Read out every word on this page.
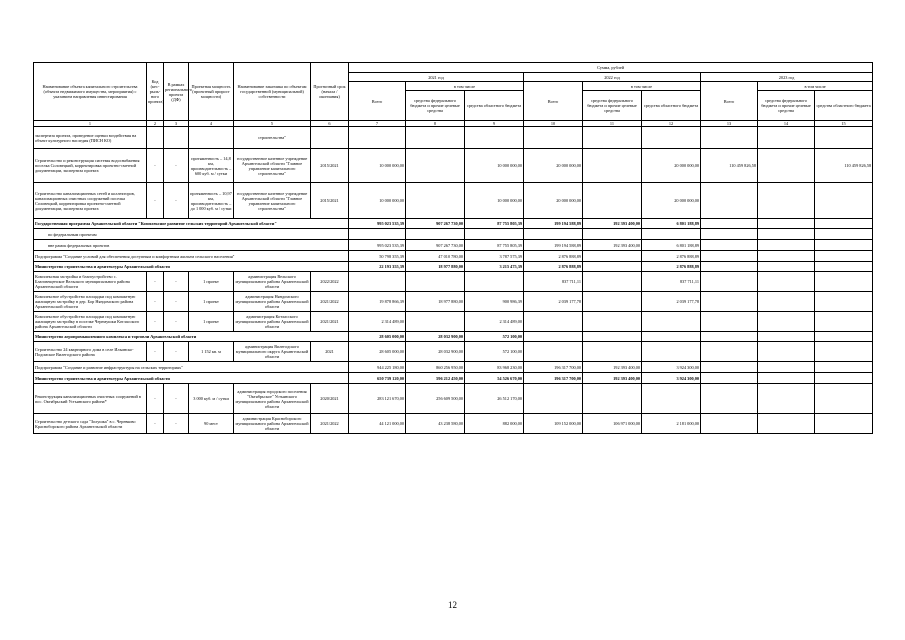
Наименование объекта капитального строительства (объекта недвижимого имущества, мероприятия) с указанием направления инвестирования	Код (кес-рыль-ного проекта)	В рамках регионального проекта (ДФ)	Проектная мощность (проектный прирост мощности)	Наименование заказчика по объектам государственной (муниципальной) собственности	Прогнозный срок (начала / окончания)	Сумма, рублей								
						2021 год			2022 год			2023 год		
						Всего	в том числе		Всего	в том числе		Всего	в том числе	
							средства федерального бюджета и прочие целевые средства	средства областного бюджета		средства федерального бюджета и прочие целевые средства	средства областного бюджета		средства федерального бюджета и прочие целевые средства	средства областного бюджета
1	2	3	4	5	6	7	8	9	10	11	12	13	14	15
экспертиза проекта, проведение оценки воздействия на объект культурного наследия (ПИСН КО)				строительства"										
Строительство и реконструкция системы водоснабжения поселка Соловецкий, корректировка проектно-сметной документации, экспертиза проекта	-	-	протяженность – 14,8 км, производительность – 600 куб. м / сутки	государственное казенное учреждение Архангельской области "Главное управление капитального строительства"	2015/2021	10 000 000,00		10 000 000,00	20 000 000,00		20 000 000,00	110 459 826,58		110 459 826,58
Строительство канализационных сетей и коллекторов, канализационных очистных сооружений поселка Соловецкий, корректировка проектно-сметной документации, экспертиза проекта	-	-	протяженность – 10,97 км, производительность – до 1 000 куб. м / сутки	государственное казенное учреждение Архангельской области "Главное управление капитального строительства"	2015/2021	10 000 000,00		10 000 000,00	20 000 000,00		20 000 000,00			
Государственная программа Архангельской области "Комплексное развитие сельских территорий Архангельской области"						995 023 535,39	907 267 730,00	87 755 805,39	199 194 588,89	192 393 400,00	6 801 188,89			
по федеральным проектам														
вне рамок федеральных проектов						995 023 535,39	907 267 730,00	87 755 805,39	199 194 588,89	192 393 400,00	6 801 188,89			
Подпрограмма "Создание условий для обеспечения доступным и комфортным жильем сельского населения"						50 798 355,39	47 010 780,00	3 787 575,39	2 876 888,89		2 876 888,89			
Министерство строительства и архитектуры Архангельской области						22 193 355,39	18 977 880,00	3 215 475,39	2 876 888,89		2 876 888,89			
Комплексная застройка и благоустройство с. Благовещенское Вельского муниципального района Архангельской области	-	-	1 проект	администрация Вельского муниципального района Архангельской области	2022/2022				837 711,11		837 711,11			
Комплексное обустройство площадки под компактную жилищную застройку в дер. Бор Няндомского района Архангельской области	-	-	1 проект	администрация Няндомского муниципального района Архангельской области	2021/2022	19 878 866,39	18 977 880,00	900 986,39	2 039 177,78		2 039 177,78			
Комплексное обустройство площадки под компактную жилищную застройку в поселке Черемушки Котласского района Архангельской области	-	-	1 проект	администрация Котласского муниципального района Архангельской области	2021/2021	2 314 489,00		2 314 489,00						
Министерство агропромышленного комплекса и торговли Архангельской области						28 605 000,00	28 032 900,00	572 100,00						
Строительство 24 квартирного дома в селе Ильинско-Подомское Вилегодского района	-	-	1 152 кв. м	администрация Вилегодского муниципального округа Архангельской области	2021	28 605 000,00	28 032 900,00	572 100,00						
Подпрограмма "Создание и развитие инфраструктуры на сельских территориях"						944 225 180,00	860 256 950,00	83 968 230,00	196 317 700,00	192 393 400,00	3 924 300,00			
Министерство строительства и архитектуры Архангельской области						650 739 120,00	596 212 450,00	54 526 670,00	196 317 700,00	192 393 400,00	3 924 300,00			
Реконструкция канализационных очистных сооружений в пос. Октябрьский Устьянского района*	-	-	3 000 куб. м / сутки	администрация городского поселения "Октябрьское" Устьянского муниципального района Архангельской области	2020/2021	283 121 670,00	256 609 500,00	26 512 170,00						
Строительство детского сада "Золушка" в с. Черевково Красноборского района Архангельской области	-	-	90 мест	администрация Красноборского муниципального района Архангельской области	2021/2022	44 121 000,00	43 238 580,00	882 000,00	109 152 000,00	106 971 000,00	2 181 000,00			
12
